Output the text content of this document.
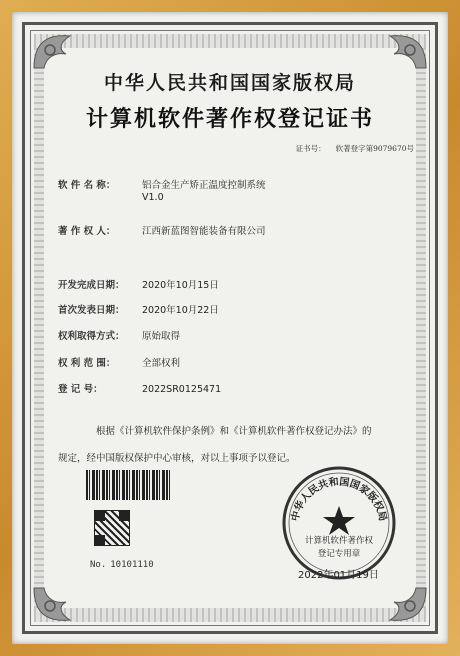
中华人民共和国国家版权局
计算机软件著作权登记证书
证书号： 软著登字第9079670号
软 件 名 称：	铝合金生产矫正温度控制系统
V1.0
著 作 权 人：	江西新蓝图智能装备有限公司
开发完成日期： 2020年10月15日
首次发表日期： 2020年10月22日
权利取得方式： 原始取得
权 利 范 围：	全部权利
登 记 号：	2022SR0125471
根据《计算机软件保护条例》和《计算机软件著作权登记办法》的
规定，经中国版权保护中心审核，对以上事项予以登记。
No. 10101110
中华人民共和国国家版权局
计算机软件著作权
登记专用章
2022年01月19日
